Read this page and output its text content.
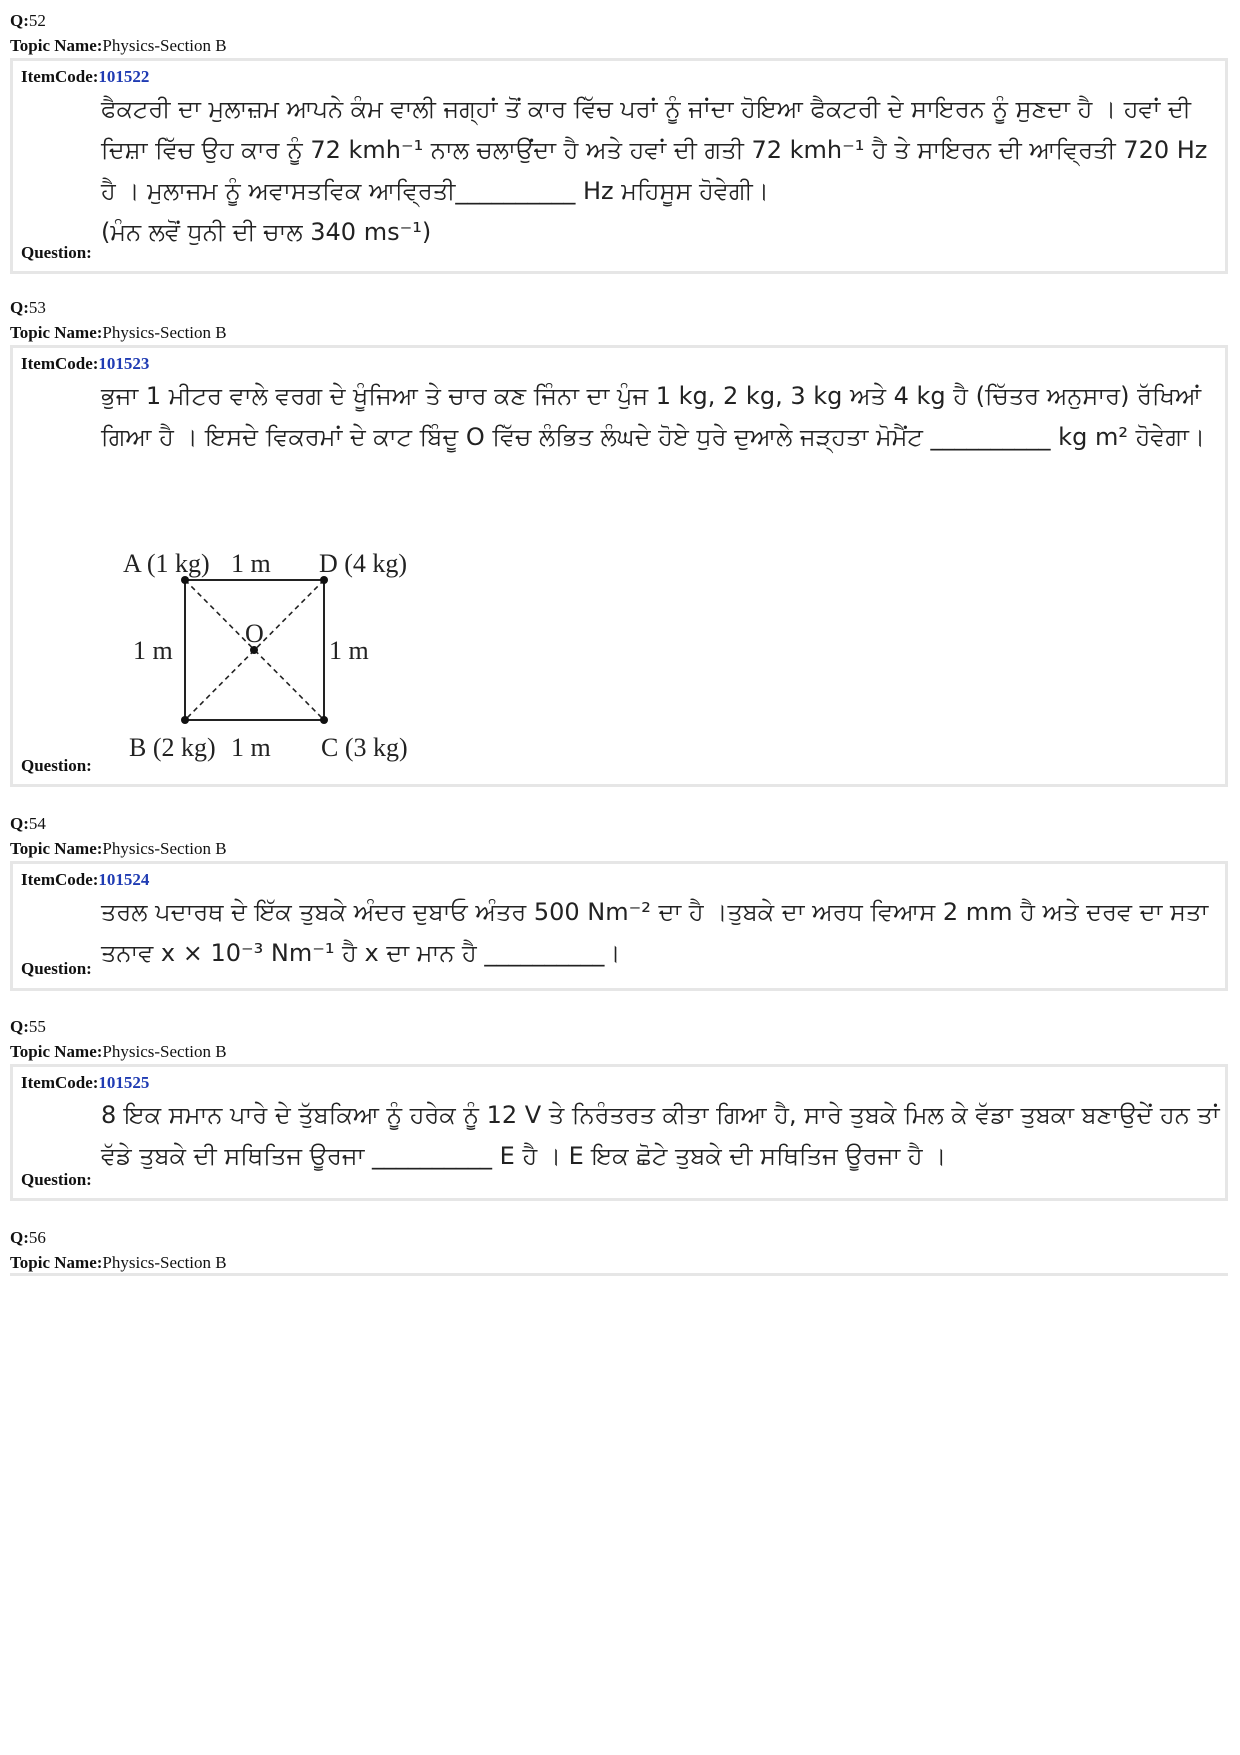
Q:52
Topic Name:Physics-Section B
ItemCode:101522

ਫੈਕਟਰੀ ਦਾ ਮੁਲਾਜ਼ਮ ਆਪਨੇ ਕੰਮ ਵਾਲੀ ਜਗ੍ਹਾਂ ਤੋਂ ਕਾਰ ਵਿੱਚ ਪਰਾਂ ਨੂੰ ਜਾਂਦਾ ਹੋਇਆ ਫੈਕਟਰੀ ਦੇ ਸਾਇਰਨ ਨੂੰ ਸੁਣਦਾ ਹੈ । ਹਵਾਂ ਦੀ ਦਿਸ਼ਾ ਵਿੱਚ ਉਹ ਕਾਰ ਨੂੰ 72 kmh⁻¹ ਨਾਲ ਚਲਾਉਂਦਾ ਹੈ ਅਤੇ ਹਵਾਂ ਦੀ ਗਤੀ 72 kmh⁻¹ ਹੈ ਤੇ ਸਾਇਰਨ ਦੀ ਆਵ੍ਰਿਤੀ 720 Hz ਹੈ । ਮੁਲਾਜਮ ਨੂੰ ਅਵਾਸਤਵਿਕ ਆਵ੍ਰਿਤੀ__________ Hz ਮਹਿਸੂਸ ਹੋਵੇਗੀ।

(ਮੰਨ ਲਵੋਂ ਧੁਨੀ ਦੀ ਚਾਲ 340 ms⁻¹)

Question:
Q:53
Topic Name:Physics-Section B
ItemCode:101523

ਭੁਜਾ 1 ਮੀਟਰ ਵਾਲੇ ਵਰਗ ਦੇ ਖੂੰਜਿਆ ਤੇ ਚਾਰ ਕਣ ਜਿੰਨਾ ਦਾ ਪੁੰਜ 1 kg, 2 kg, 3 kg ਅਤੇ 4 kg ਹੈ (ਚਿੱਤਰ ਅਨੁਸਾਰ) ਰੱਖਿਆਂ ਗਿਆ ਹੈ । ਇਸਦੇ ਵਿਕਰਮਾਂ ਦੇ ਕਾਟ ਬਿੰਦੂ O ਵਿੱਚ ਲੰਭਿਤ ਲੰਘਦੇ ਹੋਏ ਧੁਰੇ ਦੁਆਲੇ ਜੜ੍ਹਤਾ ਮੋਮੈਂਟ __________ kg m² ਹੋਵੇਗਾ।

A (1 kg) 1 m D (4 kg)
1 m	1 m
O
B (2 kg) 1 m C (3 kg)
Question:
Q:54
Topic Name:Physics-Section B
ItemCode:101524

ਤਰਲ ਪਦਾਰਥ ਦੇ ਇੱਕ ਤੁਬਕੇ ਅੰਦਰ ਦੁਬਾਓ ਅੰਤਰ 500 Nm⁻² ਦਾ ਹੈ ।ਤੁਬਕੇ ਦਾ ਅਰਧ ਵਿਆਸ 2 mm ਹੈ ਅਤੇ ਦਰਵ ਦਾ ਸਤਾ ਤਨਾਵ x × 10⁻³ Nm⁻¹ ਹੈ x ਦਾ ਮਾਨ ਹੈ __________।

Question:
Q:55
Topic Name:Physics-Section B
ItemCode:101525

8 ਇਕ ਸਮਾਨ ਪਾਰੇ ਦੇ ਤੁੱਬਕਿਆ ਨੂੰ ਹਰੇਕ ਨੂੰ 12 V ਤੇ ਨਿਰੰਤਰਤ ਕੀਤਾ ਗਿਆ ਹੈ, ਸਾਰੇ ਤੁਬਕੇ ਮਿਲ ਕੇ ਵੱਡਾ ਤੁਬਕਾ ਬਣਾਉਦੇਂ ਹਨ ਤਾਂ ਵੱਡੇ ਤੁਬਕੇ ਦੀ ਸਥਿਤਿਜ ਊਰਜਾ __________ E ਹੈ । E ਇਕ ਛੋਟੇ ਤੁਬਕੇ ਦੀ ਸਥਿਤਿਜ ਊਰਜਾ ਹੈ ।

Question:
Q:56
Topic Name:Physics-Section B
